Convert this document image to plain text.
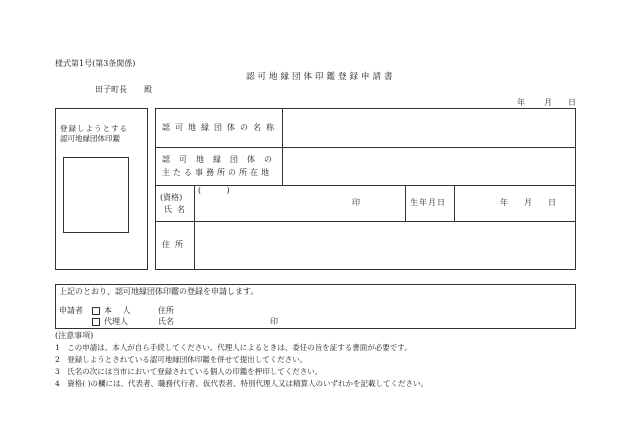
様式第1号(第3条関係)
認可地縁団体印鑑登録申請書
田子町長 殿
年 月 日
登録しようとする
認可地縁団体印鑑
認可地縁団体の名称
認可地縁団体の
主たる事務所の所在地
(資格)
氏名
(          )
印	生年月日	年 月 日
住所
上記のとおり、認可地縁団体印鑑の登録を申請します。
申請者	本 人
代理人
住所
氏名	印
(注意事項)
1　この申請は、本人が自ら手続してください。代理人によるときは、委任の旨を証する書面が必要です。
2　登録しようとされている認可地縁団体印鑑を併せて提出してください。
3　氏名の次には当市において登録されている個人の印鑑を押印してください。
4　資格( )の欄には、代表者、職務代行者、仮代表者、特別代理人又は精算人のいずれかを記載してください。
